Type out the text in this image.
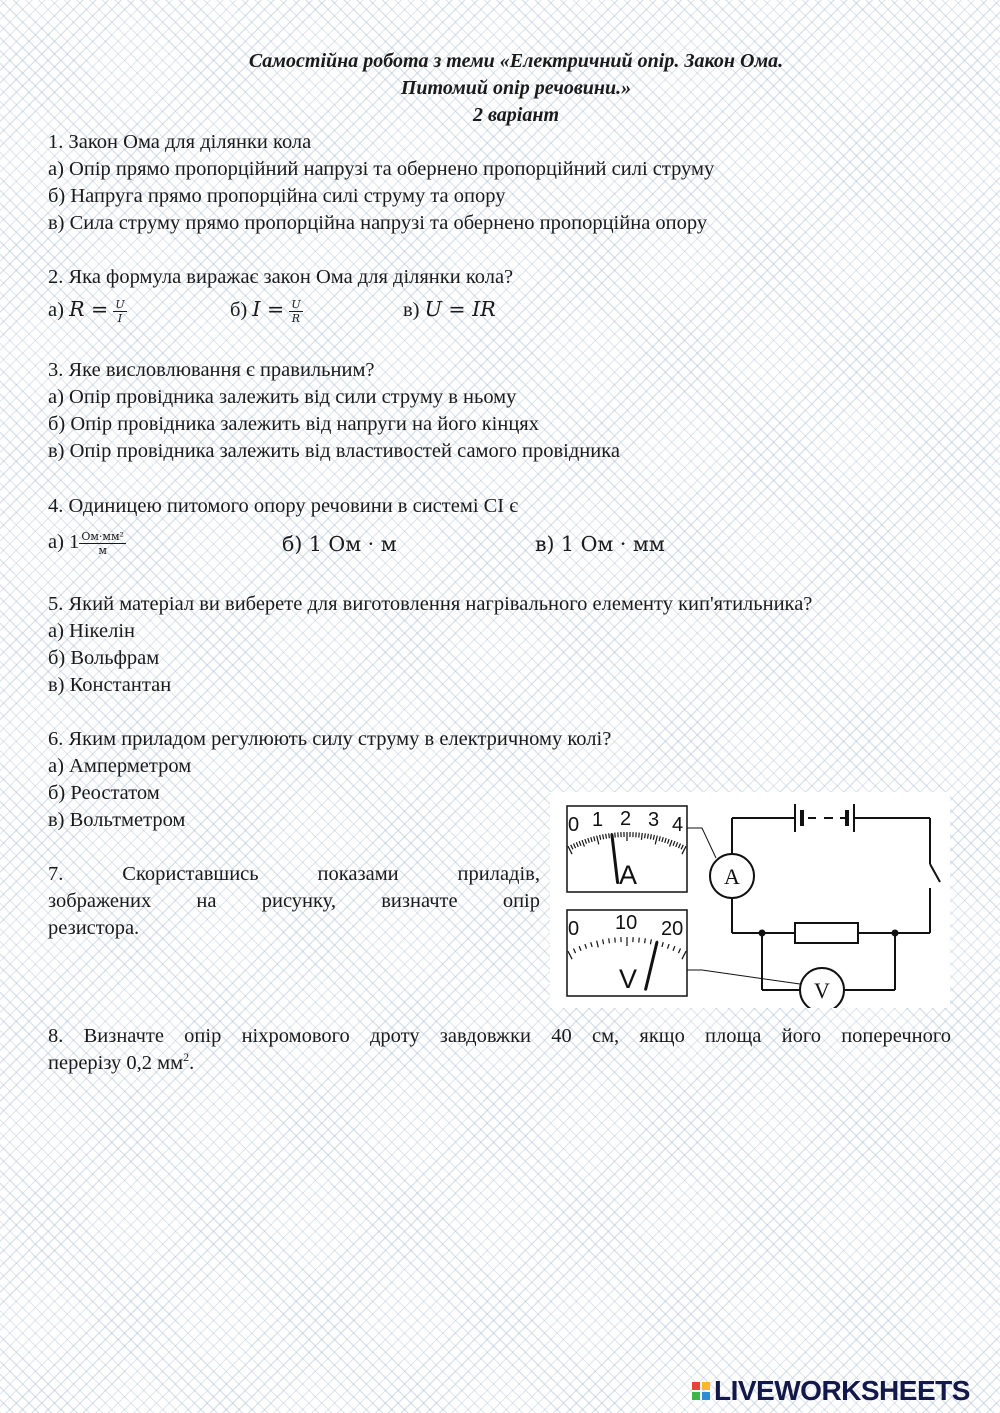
Самостійна робота з теми «Електричний опір. Закон Ома.
Питомий опір речовини.»
2 варіант
1. Закон Ома для ділянки кола
а) Опір прямо пропорційний напрузі та обернено пропорційний силі струму
б) Напруга прямо пропорційна силі струму та опору
в) Сила струму прямо пропорційна напрузі та обернено пропорційна опору
2. Яка формула виражає закон Ома для ділянки кола?
а) $R = \frac{U}{I}$	б) $I = \frac{U}{R}$	в) U = IR
3. Яке висловлювання є правильним?
а) Опір провідника залежить від сили струму в ньому
б) Опір провідника залежить від напруги на його кінцях
в) Опір провідника залежить від властивостей самого провідника
4. Одиницею питомого опору речовини в системі СІ є
а) $1 \frac{\text{Ом·мм²}}{м}$	б) 1 Ом · м	в) 1 Ом · мм
5. Який матеріал ви виберете для виготовлення нагрівального елементу кип'ятильника?
а) Нікелін
б) Вольфрам
в) Константан
6. Яким приладом регулюють силу струму в електричному колі?
а) Амперметром
б) Реостатом
в) Вольтметром
7. Скориставшись показами приладів,
зображених на рисунку, визначте опір
резистора.
0 1 2 3 4
A
0 10 20
V
A
V
8. Визначте опір ніхромового дроту завдовжки 40 см, якщо площа його поперечного
перерізу 0,2 $мм^2$.
LIVEWORKSHEETS
